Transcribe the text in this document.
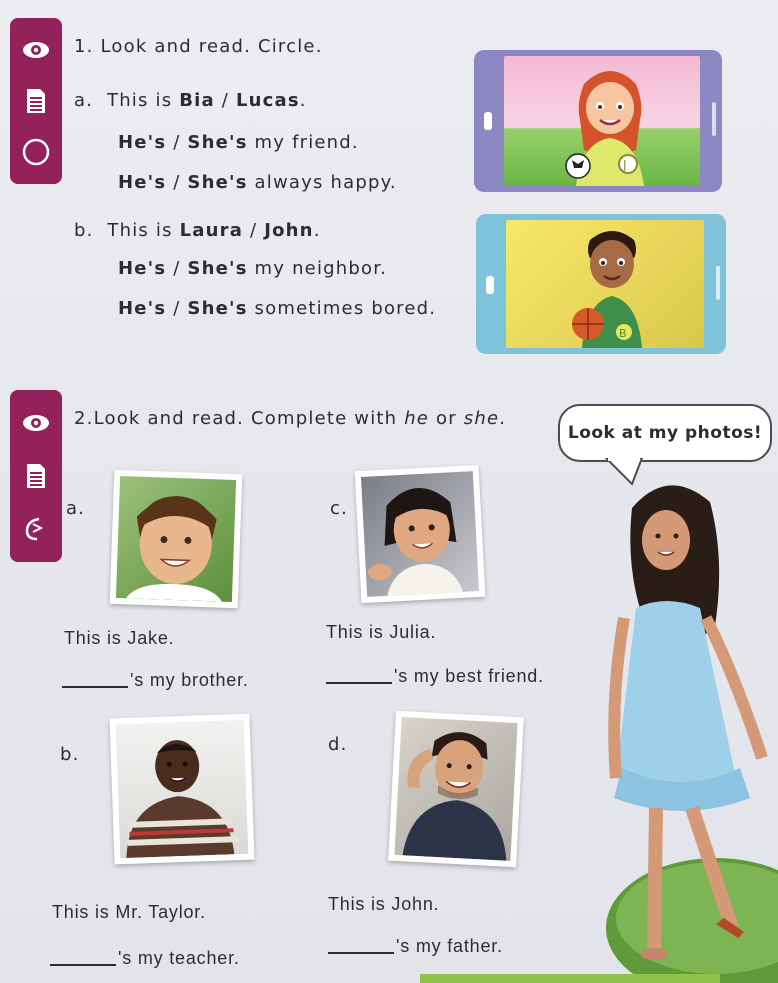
1. Look and read. Circle.
a. This is Bia / Lucas.
He's / She's my friend.
He's / She's always happy.
J
b. This is Laura / John.
He's / She's my neighbor.
He's / She's sometimes bored.
B
2.Look and read. Complete with he or she.
Look at my photos!
a.	c.
This is Jake.	This is Julia.
's my brother.	's my best friend.
b.	d.
This is Mr. Taylor.	This is John.
's my teacher.
's my father.
